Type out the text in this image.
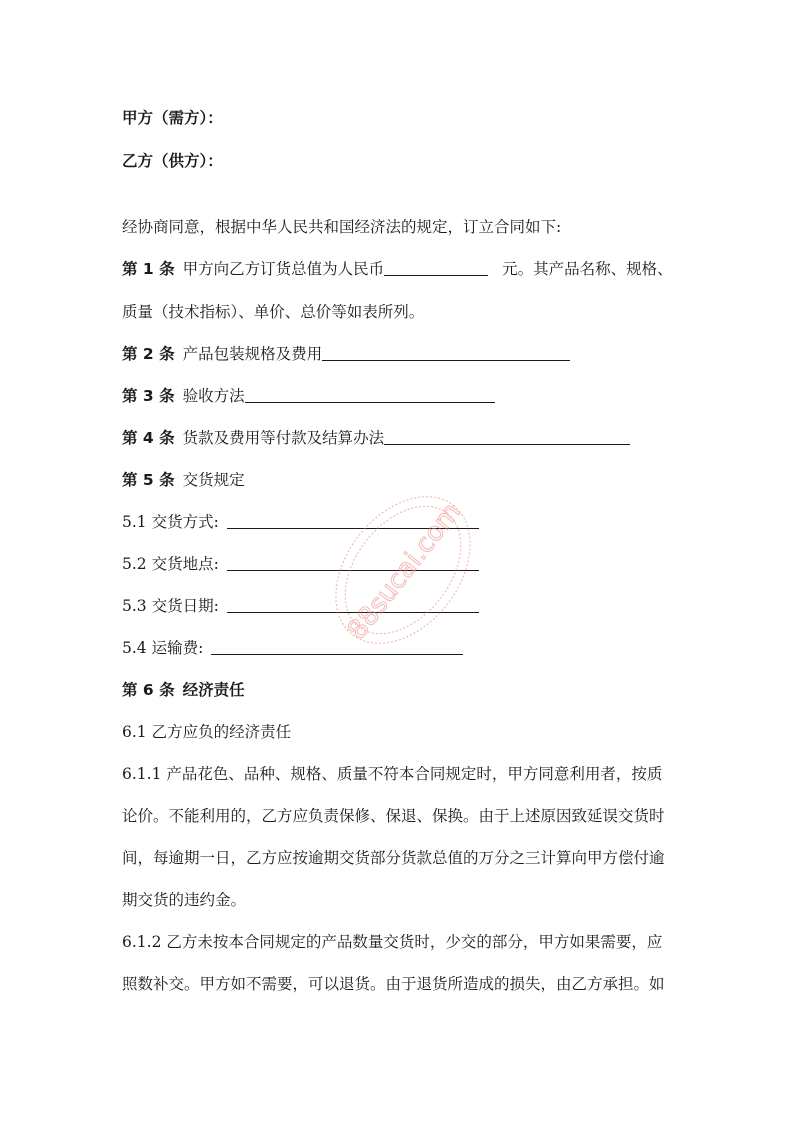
甲方（需方）：
乙方（供方）：
经协商同意，根据中华人民共和国经济法的规定，订立合同如下:
第 1 条 甲方向乙方订货总值为人民币	元。其产品名称、规格、
质量（技术指标）、单价、总价等如表所列。
第 2 条 产品包装规格及费用
第 3 条 验收方法
第 4 条 货款及费用等付款及结算办法
第 5 条 交货规定
5.1 交货方式:
5.2 交货地点:
5.3 交货日期:
5.4 运输费:
第 6 条 经济责任
6.1 乙方应负的经济责任
6.1.1 产品花色、品种、规格、质量不符本合同规定时，甲方同意利用者，按质
论价。不能利用的，乙方应负责保修、保退、保换。由于上述原因致延误交货时
间，每逾期一日，乙方应按逾期交货部分货款总值的万分之三计算向甲方偿付逾
期交货的违约金。
6.1.2 乙方未按本合同规定的产品数量交货时，少交的部分，甲方如果需要，应
照数补交。甲方如不需要，可以退货。由于退货所造成的损失，由乙方承担。如
88sucai.com
